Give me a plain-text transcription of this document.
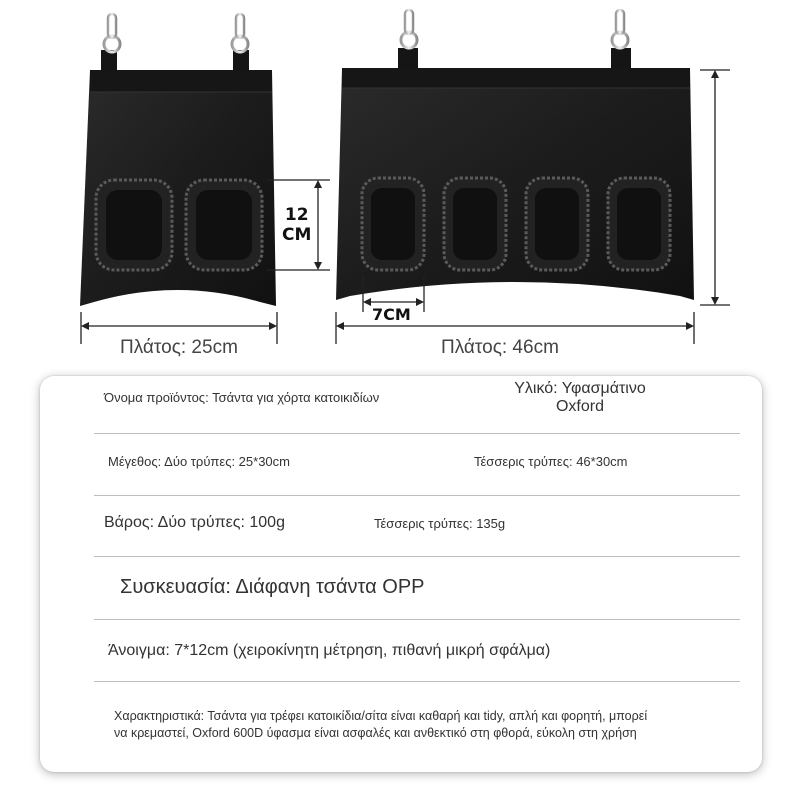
12
CM
7CM
Πλάτος: 25cm	Πλάτος: 46cm
Όνομα προϊόντος: Τσάντα για χόρτα κατοικιδίων
Υλικό: Υφασμάτινο
Oxford
Μέγεθος: Δύο τρύπες: 25*30cm	Τέσσερις τρύπες: 46*30cm
Βάρος: Δύο τρύπες: 100g	Τέσσερις τρύπες: 135g
Συσκευασία: Διάφανη τσάντα OPP
Άνοιγμα: 7*12cm (χειροκίνητη μέτρηση, πιθανή μικρή σφάλμα)
Χαρακτηριστικά: Τσάντα για τρέφει κατοικίδια/σίτα είναι καθαρή και tidy, απλή και φορητή, μπορεί
να κρεμαστεί, Oxford 600D ύφασμα είναι ασφαλές και ανθεκτικό στη φθορά, εύκολη στη χρήση
